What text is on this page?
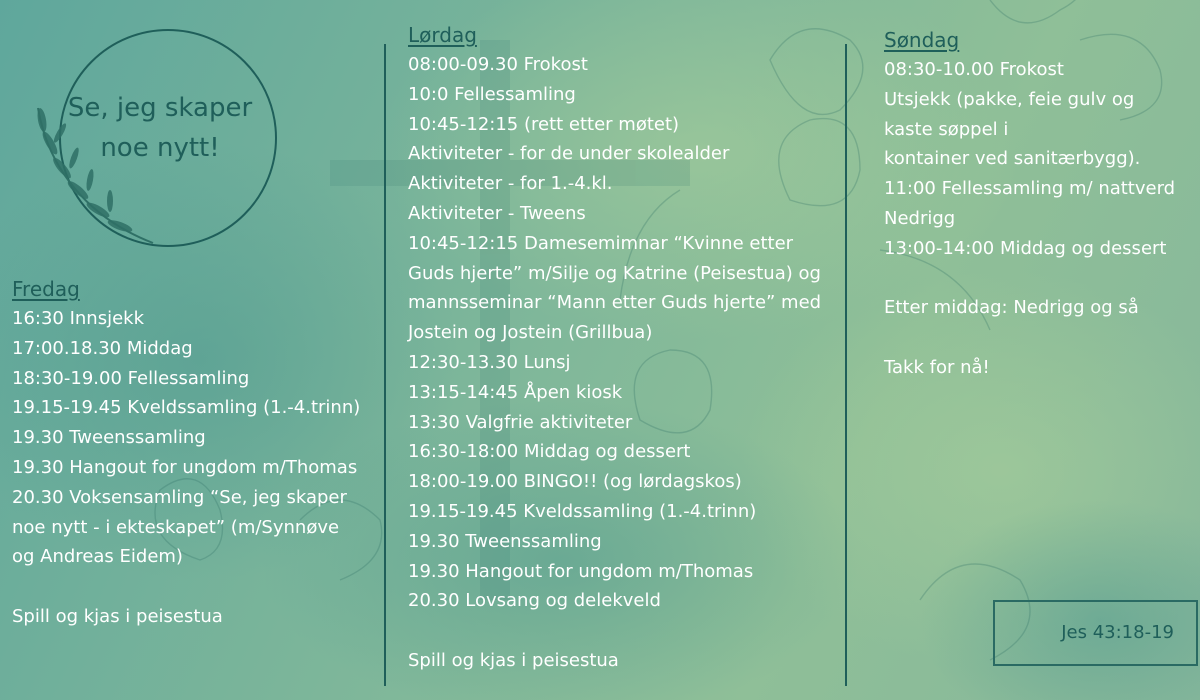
Se, jeg skaper
noe nytt!
Fredag
16:30 Innsjekk
17:00.18.30 Middag
18:30-19.00 Fellessamling
19.15-19.45 Kveldssamling (1.-4.trinn)
19.30 Tweenssamling
19.30 Hangout for ungdom m/Thomas
20.30 Voksensamling “Se, jeg skaper
noe nytt - i ekteskapet” (m/Synnøve
og Andreas Eidem)
Spill og kjas i peisestua
Lørdag
08:00-09.30 Frokost
10:0 Fellessamling
10:45-12:15 (rett etter møtet)
Aktiviteter - for de under skolealder
Aktiviteter - for 1.-4.kl.
Aktiviteter - Tweens
10:45-12:15 Damesemimnar “Kvinne etter
Guds hjerte” m/Silje og Katrine (Peisestua) og
mannsseminar “Mann etter Guds hjerte” med
Jostein og Jostein (Grillbua)
12:30-13.30 Lunsj
13:15-14:45 Åpen kiosk
13:30 Valgfrie aktiviteter
16:30-18:00 Middag og dessert
18:00-19.00 BINGO!! (og lørdagskos)
19.15-19.45 Kveldssamling (1.-4.trinn)
19.30 Tweenssamling
19.30 Hangout for ungdom m/Thomas
20.30 Lovsang og delekveld
Spill og kjas i peisestua
Søndag
08:30-10.00 Frokost
Utsjekk (pakke, feie gulv og
kaste søppel i
kontainer ved sanitærbygg).
11:00 Fellessamling m/ nattverd
Nedrigg
13:00-14:00 Middag og dessert
Etter middag: Nedrigg og så
Takk for nå!
Jes 43:18-19
